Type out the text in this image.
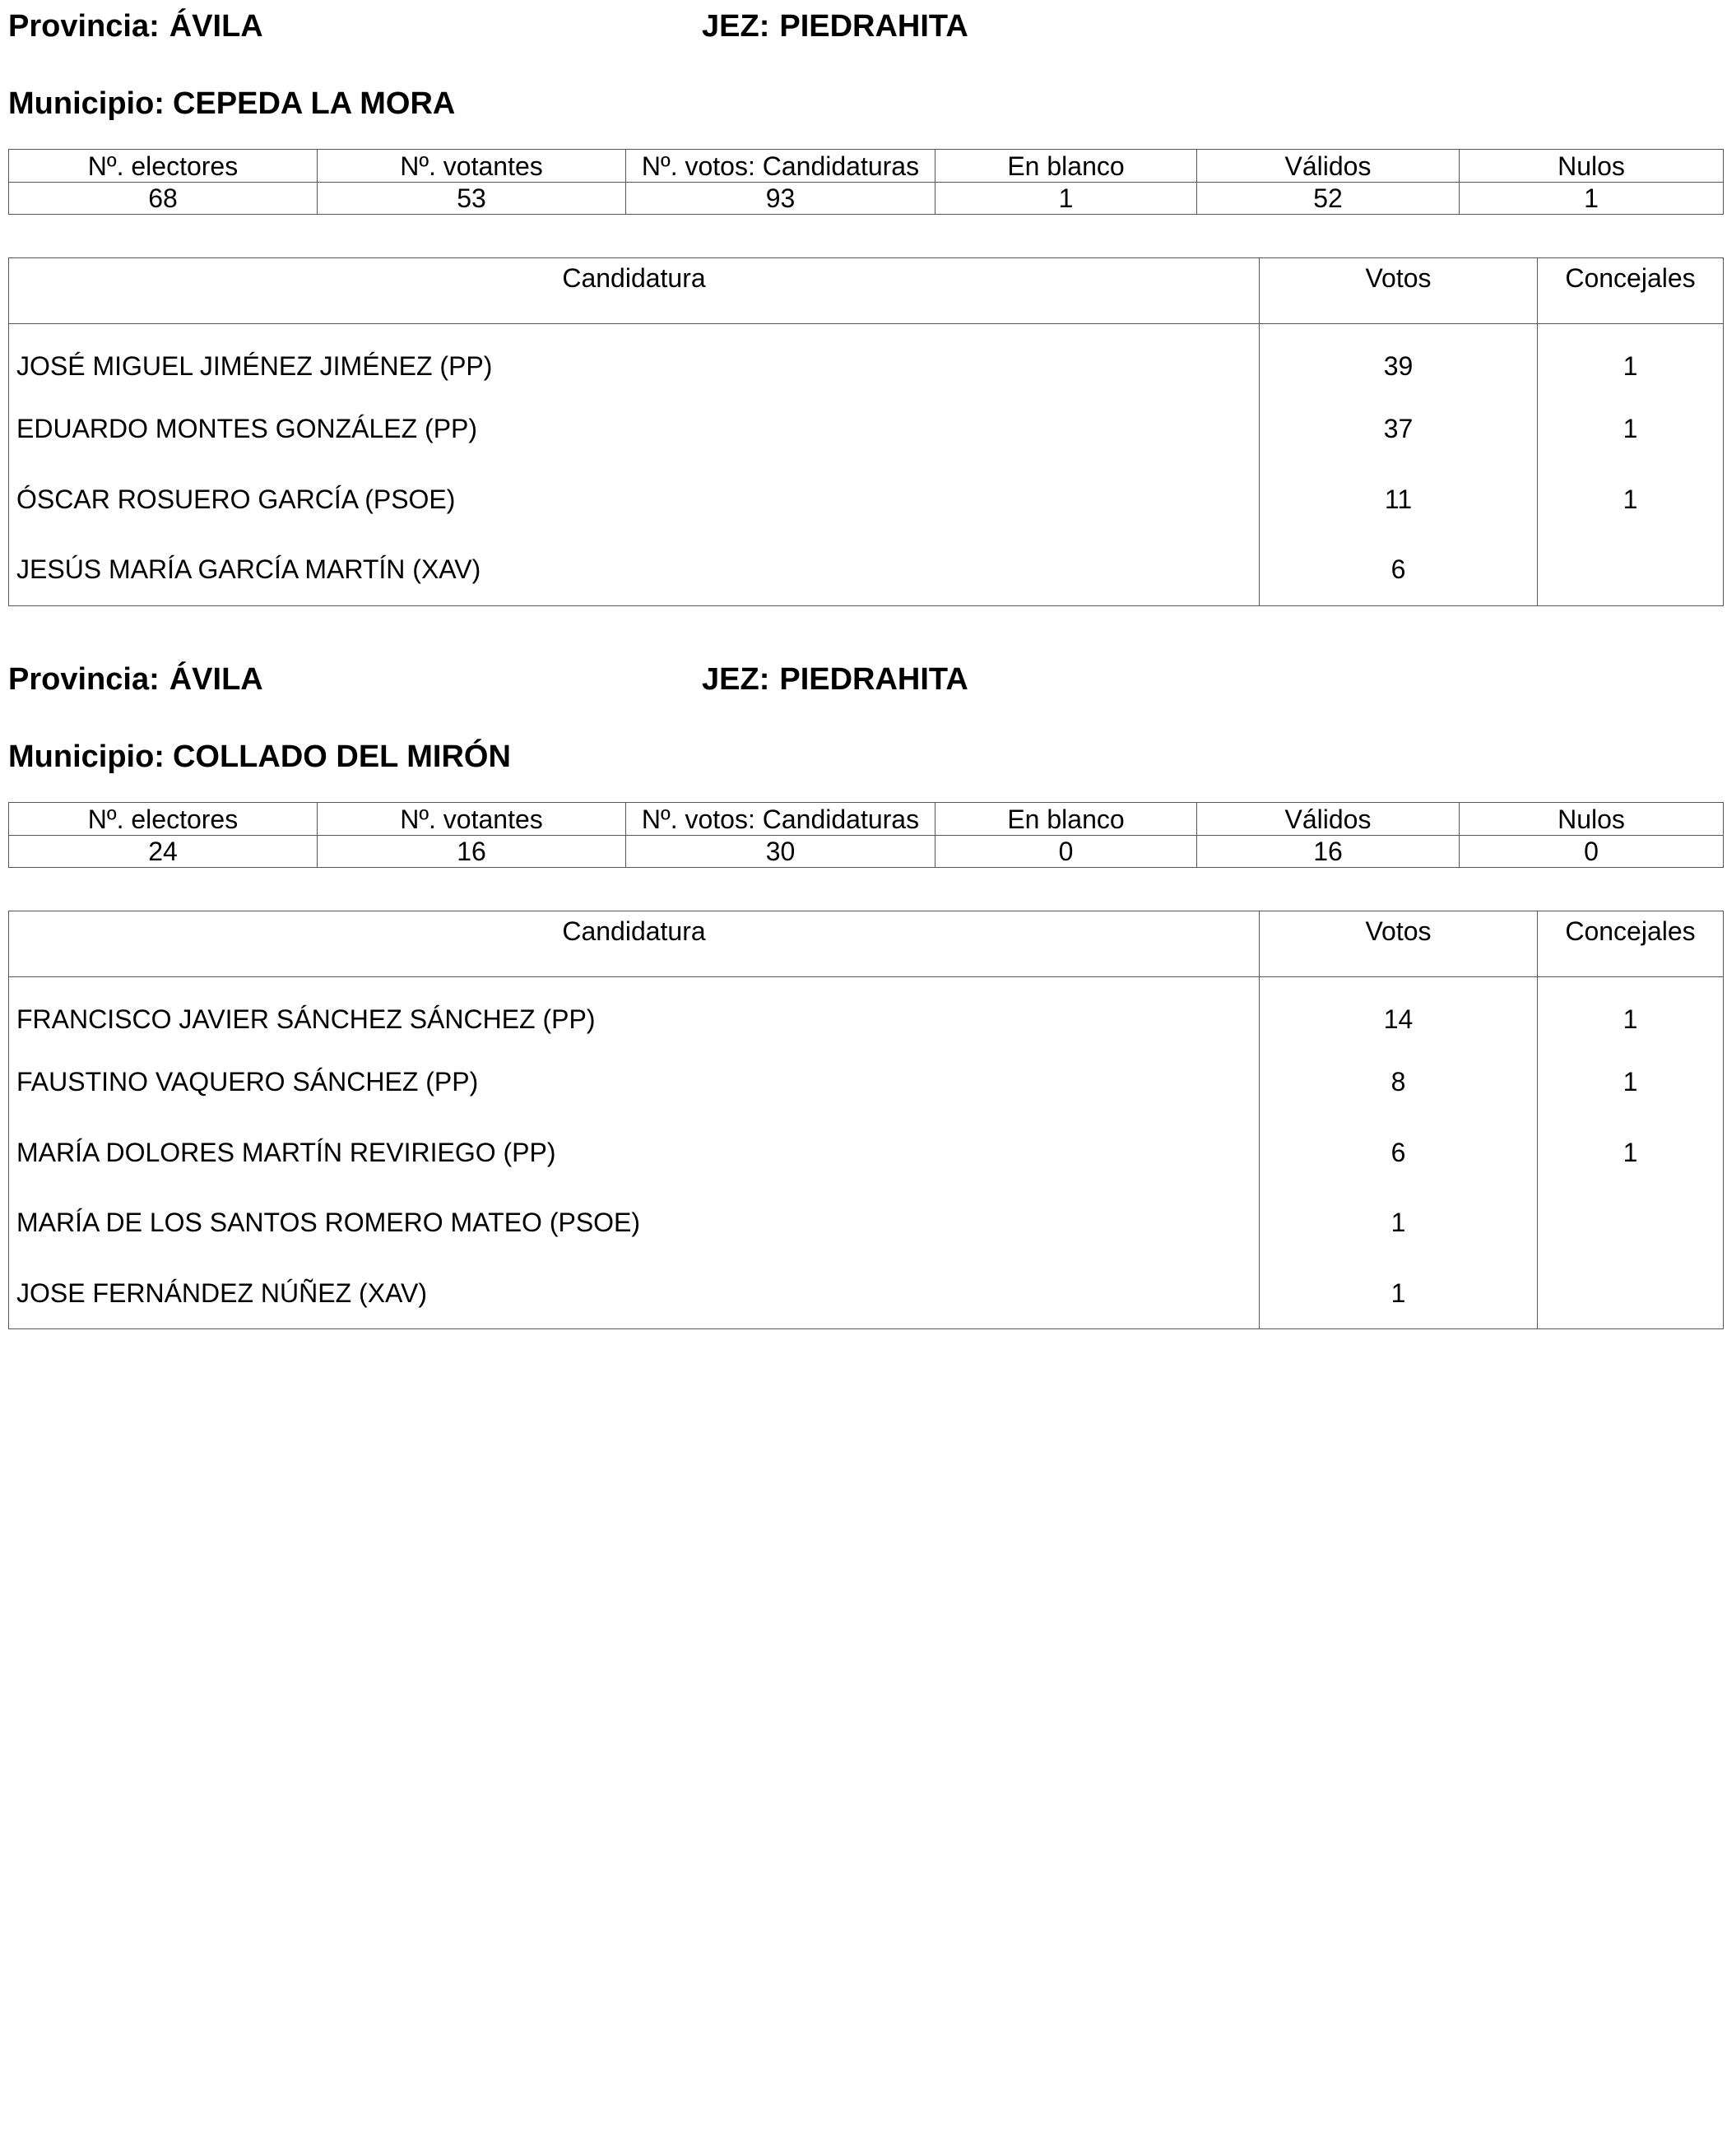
Provincia: ÁVILA	JEZ: PIEDRAHITA
Municipio: CEPEDA LA MORA
Nº. electores	Nº. votantes	Nº. votos: Candidaturas	En blanco	Válidos	Nulos
68	53	93	1	52	1
Candidatura	Votos	Concejales
JOSÉ MIGUEL JIMÉNEZ JIMÉNEZ (PP)	39	1
EDUARDO MONTES GONZÁLEZ (PP)	37	1
ÓSCAR ROSUERO GARCÍA (PSOE)	11	1
JESÚS MARÍA GARCÍA MARTÍN (XAV)	6	
Provincia: ÁVILA	JEZ: PIEDRAHITA
Municipio: COLLADO DEL MIRÓN
Nº. electores	Nº. votantes	Nº. votos: Candidaturas	En blanco	Válidos	Nulos
24	16	30	0	16	0
Candidatura	Votos	Concejales
FRANCISCO JAVIER SÁNCHEZ SÁNCHEZ (PP)	14	1
FAUSTINO VAQUERO SÁNCHEZ (PP)	8	1
MARÍA DOLORES MARTÍN REVIRIEGO (PP)	6	1
MARÍA DE LOS SANTOS ROMERO MATEO (PSOE)	1	
JOSE FERNÁNDEZ NÚÑEZ (XAV)	1	
